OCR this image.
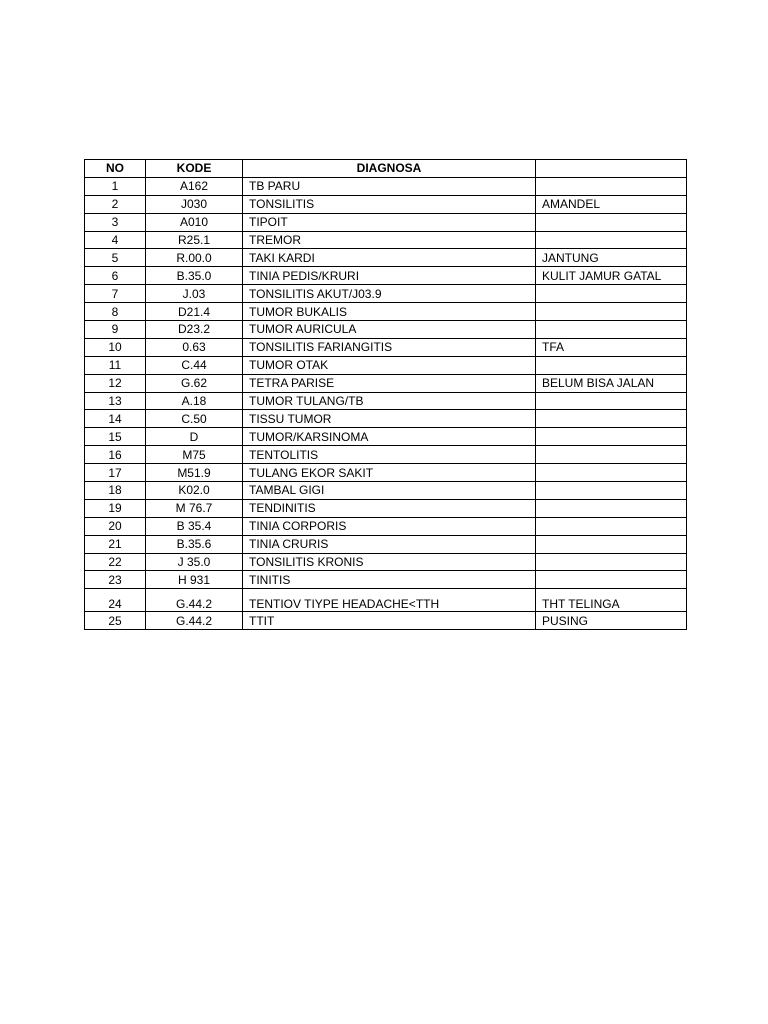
NO	KODE	DIAGNOSA	
1	A162	TB PARU	
2	J030	TONSILITIS	AMANDEL
3	A010	TIPOIT	
4	R25.1	TREMOR	
5	R.00.0	TAKI KARDI	JANTUNG
6	B.35.0	TINIA PEDIS/KRURI	KULIT JAMUR GATAL
7	J.03	TONSILITIS AKUT/J03.9	
8	D21.4	TUMOR BUKALIS	
9	D23.2	TUMOR AURICULA	
10	0.63	TONSILITIS FARIANGITIS	TFA
11	C.44	TUMOR OTAK	
12	G.62	TETRA PARISE	BELUM BISA JALAN
13	A.18	TUMOR TULANG/TB	
14	C.50	TISSU TUMOR	
15	D	TUMOR/KARSINOMA	
16	M75	TENTOLITIS	
17	M51.9	TULANG EKOR SAKIT	
18	K02.0	TAMBAL GIGI	
19	M 76.7	TENDINITIS	
20	B 35.4	TINIA CORPORIS	
21	B.35.6	TINIA CRURIS	
22	J 35.0	TONSILITIS KRONIS	
23	H 931	TINITIS	
24	G.44.2	TENTIOV TIYPE HEADACHE<TTH	THT TELINGA
25	G.44.2	TTIT	PUSING
